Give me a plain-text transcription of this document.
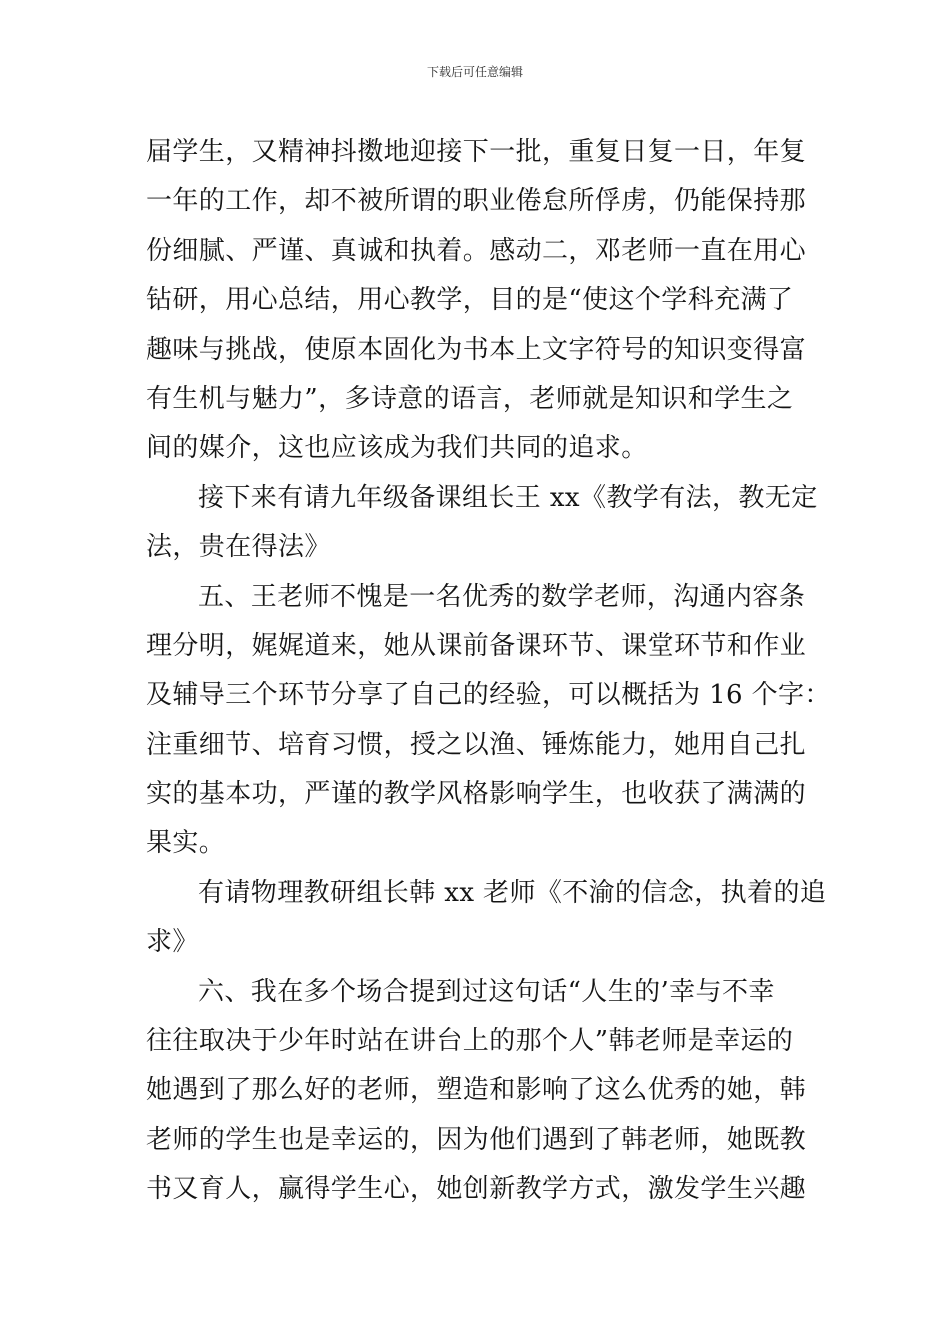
下载后可任意编辑
届学生，又精神抖擞地迎接下一批，重复日复一日，年复
一年的工作，却不被所谓的职业倦怠所俘虏，仍能保持那
份细腻、严谨、真诚和执着。感动二，邓老师一直在用心
钻研，用心总结，用心教学，目的是“使这个学科充满了
趣味与挑战，使原本固化为书本上文字符号的知识变得富
有生机与魅力”，多诗意的语言，老师就是知识和学生之
间的媒介，这也应该成为我们共同的追求。
接下来有请九年级备课组长王 xx《教学有法，教无定
法，贵在得法》
五、王老师不愧是一名优秀的数学老师，沟通内容条
理分明，娓娓道来，她从课前备课环节、课堂环节和作业
及辅导三个环节分享了自己的经验，可以概括为 16 个字：
注重细节、培育习惯，授之以渔、锤炼能力，她用自己扎
实的基本功，严谨的教学风格影响学生，也收获了满满的
果实。
有请物理教研组长韩 xx 老师《不渝的信念，执着的追
求》
六、我在多个场合提到过这句话“人生的’幸与不幸
往往取决于少年时站在讲台上的那个人”韩老师是幸运的
她遇到了那么好的老师，塑造和影响了这么优秀的她，韩
老师的学生也是幸运的，因为他们遇到了韩老师，她既教
书又育人，赢得学生心，她创新教学方式，激发学生兴趣
